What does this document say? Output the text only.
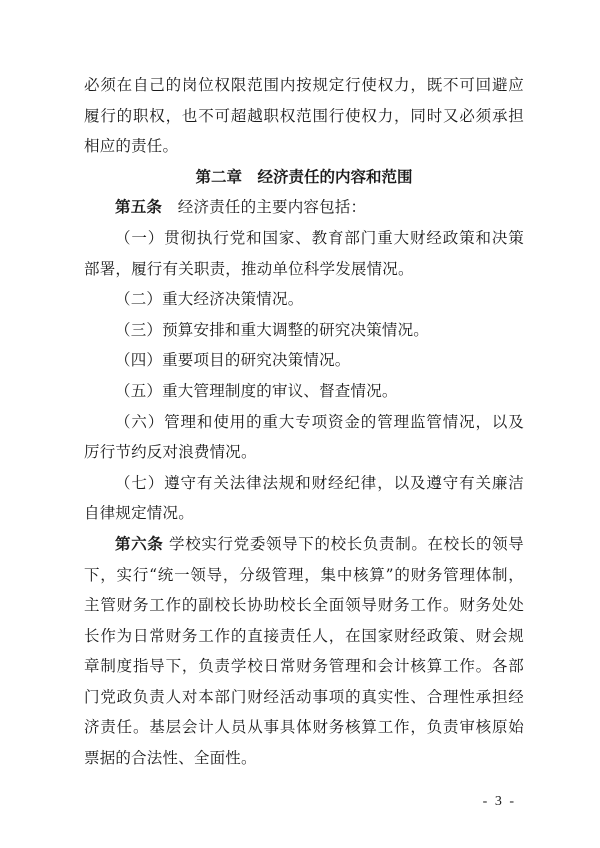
必须在自己的岗位权限范围内按规定行使权力，既不可回避应
履行的职权，也不可超越职权范围行使权力，同时又必须承担
相应的责任。
第二章　经济责任的内容和范围
第五条　经济责任的主要内容包括：
（一）贯彻执行党和国家、教育部门重大财经政策和决策
部署，履行有关职责，推动单位科学发展情况。
（二）重大经济决策情况。
（三）预算安排和重大调整的研究决策情况。
（四）重要项目的研究决策情况。
（五）重大管理制度的审议、督查情况。
（六）管理和使用的重大专项资金的管理监管情况，以及
厉行节约反对浪费情况。
（七）遵守有关法律法规和财经纪律，以及遵守有关廉洁
自律规定情况。
第六条 学校实行党委领导下的校长负责制。在校长的领导
下，实行“统一领导，分级管理，集中核算”的财务管理体制，
主管财务工作的副校长协助校长全面领导财务工作。财务处处
长作为日常财务工作的直接责任人，在国家财经政策、财会规
章制度指导下，负责学校日常财务管理和会计核算工作。各部
门党政负责人对本部门财经活动事项的真实性、合理性承担经
济责任。基层会计人员从事具体财务核算工作，负责审核原始
票据的合法性、全面性。
- 3 -
